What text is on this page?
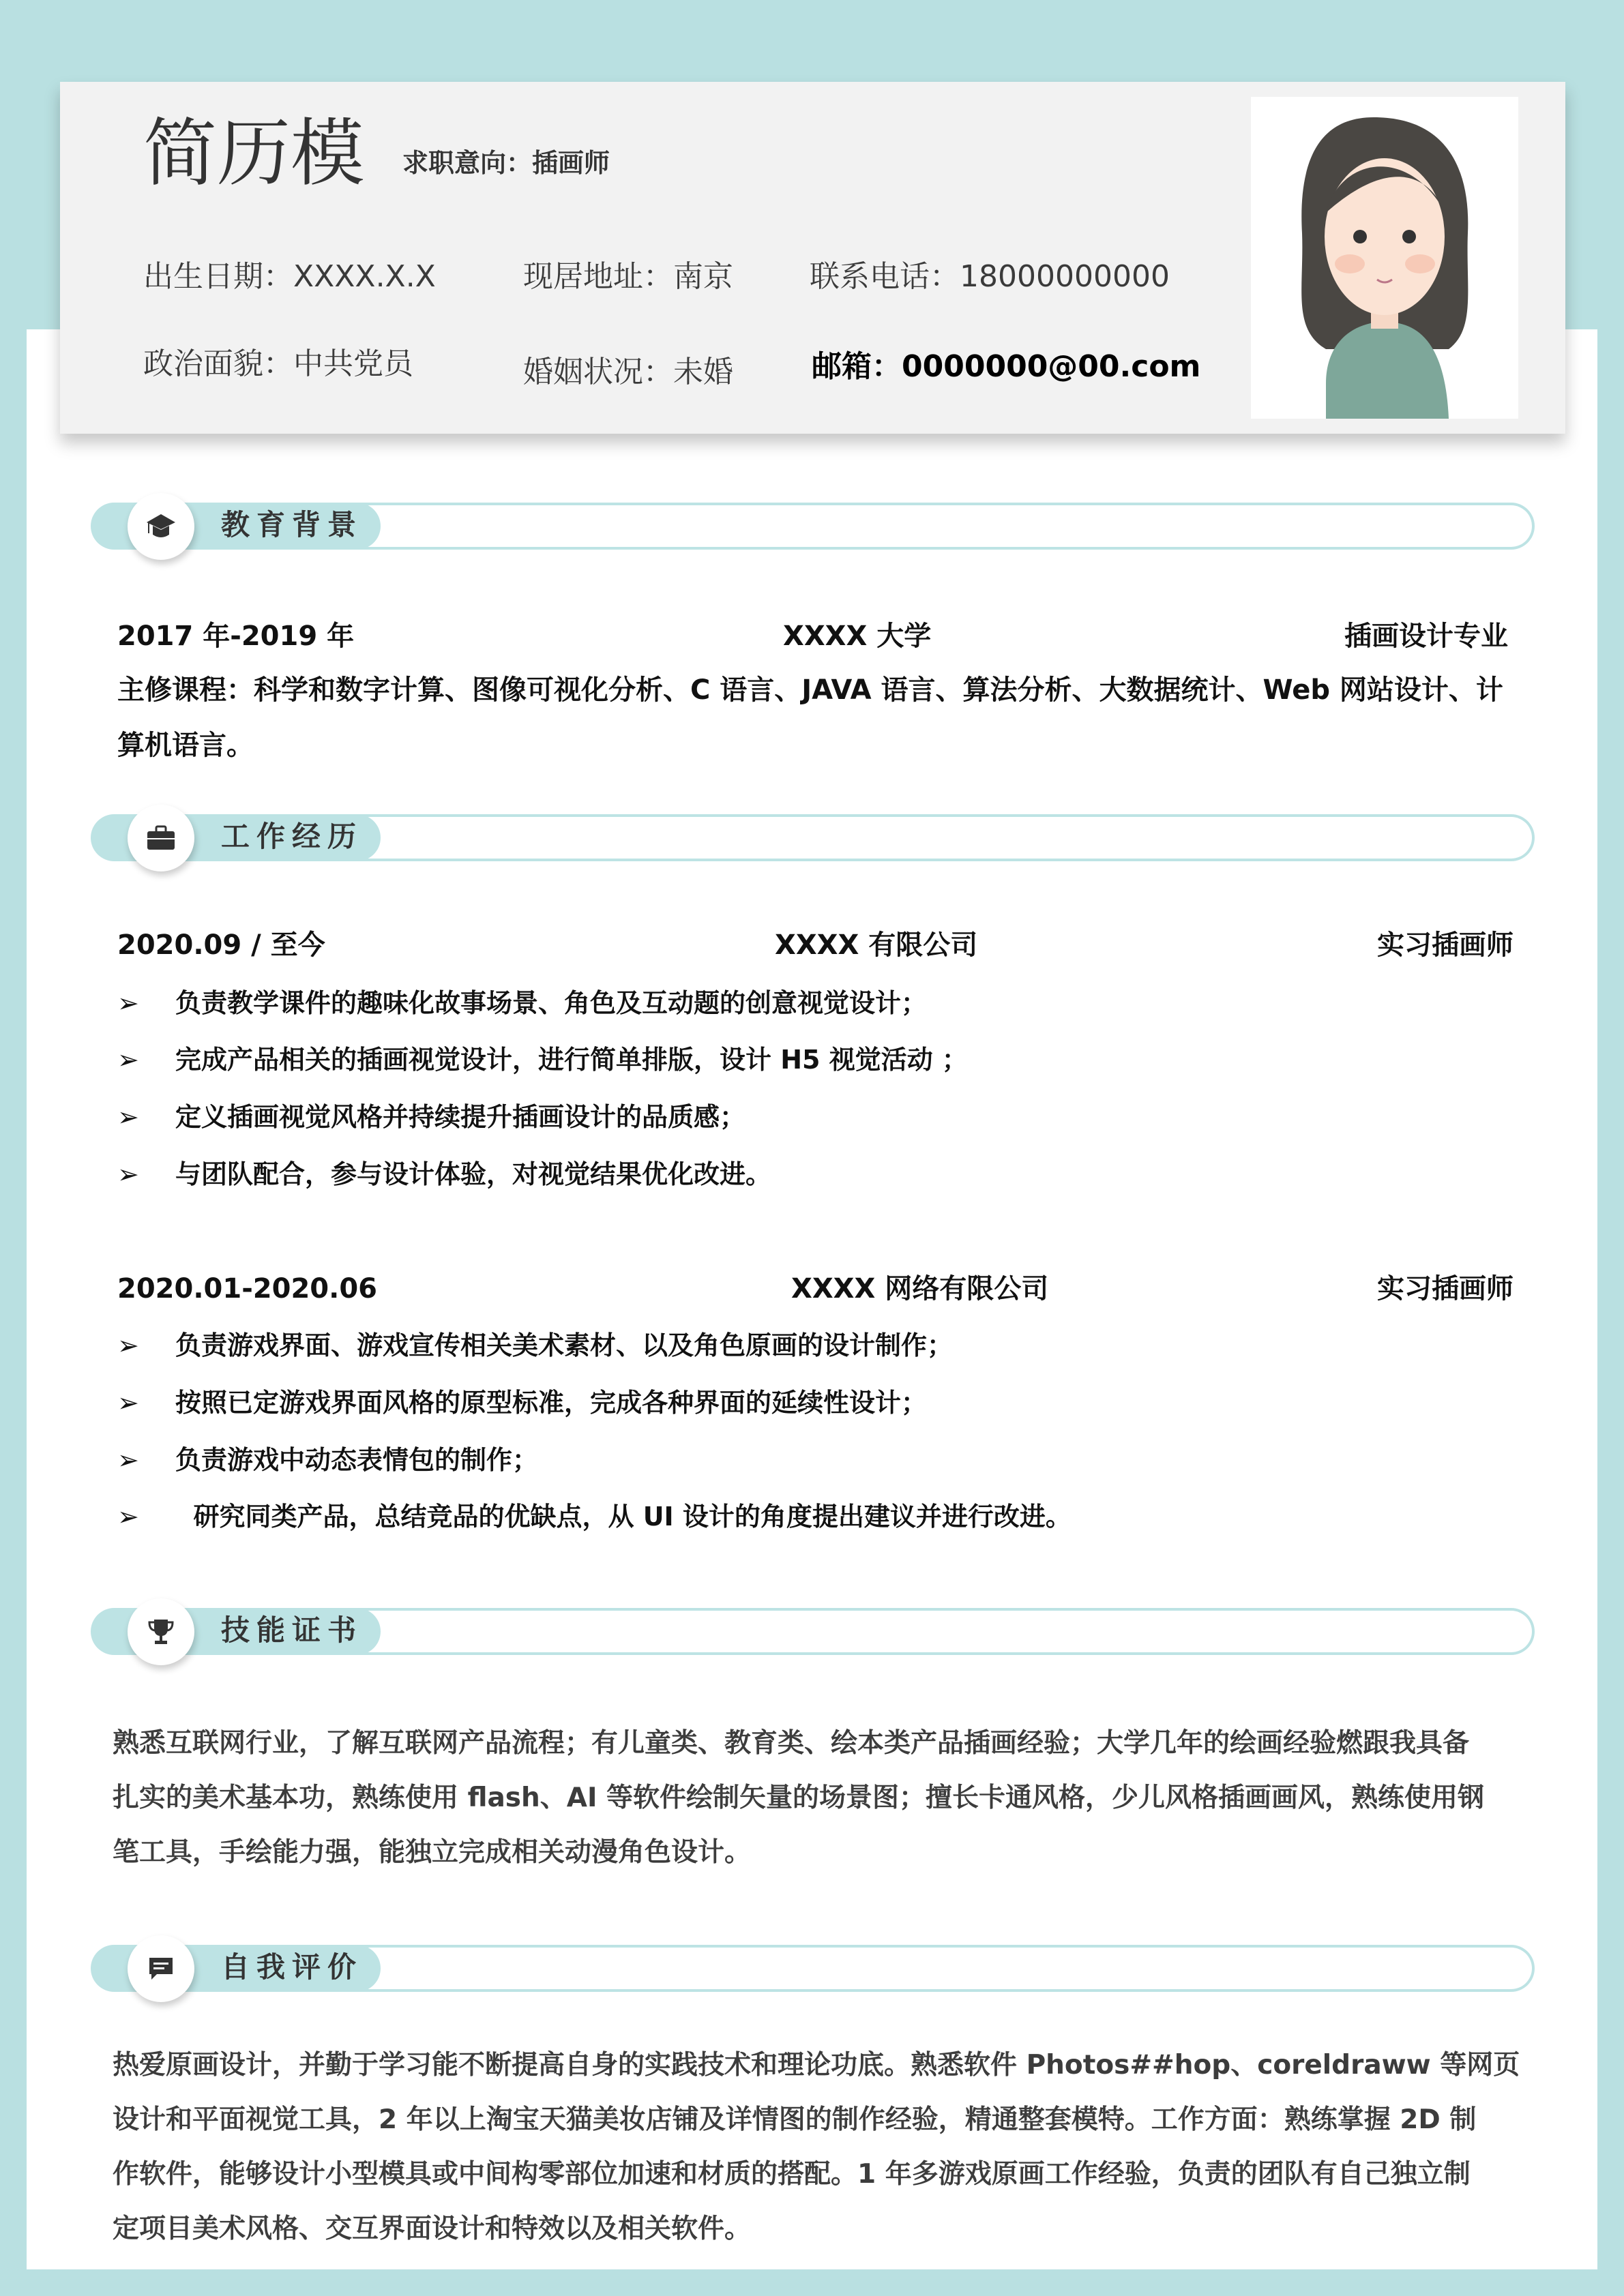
简历模 求职意向：插画师
出生日期：XXXX.X.X	现居地址：南京	联系电话：18000000000
政治面貌：中共党员	婚姻状况：未婚	邮箱：0000000@00.com
教育背景
2017 年-2019 年	XXXX 大学	插画设计专业
主修课程：科学和数字计算、图像可视化分析、C 语言、JAVA 语言、算法分析、大数据统计、Web 网站设计、计
算机语言。
工作经历
2020.09 / 至今	XXXX 有限公司	实习插画师
➢ 负责教学课件的趣味化故事场景、角色及互动题的创意视觉设计；
➢ 完成产品相关的插画视觉设计，进行简单排版，设计 H5 视觉活动 ；
➢ 定义插画视觉风格并持续提升插画设计的品质感；
➢ 与团队配合，参与设计体验，对视觉结果优化改进。
2020.01-2020.06	XXXX 网络有限公司	实习插画师
➢ 负责游戏界面、游戏宣传相关美术素材、以及角色原画的设计制作；
➢ 按照已定游戏界面风格的原型标准，完成各种界面的延续性设计；
➢ 负责游戏中动态表情包的制作；
➢ 研究同类产品，总结竞品的优缺点，从 UI 设计的角度提出建议并进行改进。
技能证书
熟悉互联网行业，了解互联网产品流程；有儿童类、教育类、绘本类产品插画经验；大学几年的绘画经验燃跟我具备
扎实的美术基本功，熟练使用 flash、AI 等软件绘制矢量的场景图；擅长卡通风格，少儿风格插画画风，熟练使用钢
笔工具，手绘能力强，能独立完成相关动漫角色设计。
自我评价
热爱原画设计，并勤于学习能不断提高自身的实践技术和理论功底。熟悉软件 Photos##hop、coreldraww 等网页
设计和平面视觉工具，2 年以上淘宝天猫美妆店铺及详情图的制作经验，精通整套模特。工作方面：熟练掌握 2D 制
作软件，能够设计小型模具或中间构零部位加速和材质的搭配。1 年多游戏原画工作经验，负责的团队有自己独立制
定项目美术风格、交互界面设计和特效以及相关软件。
